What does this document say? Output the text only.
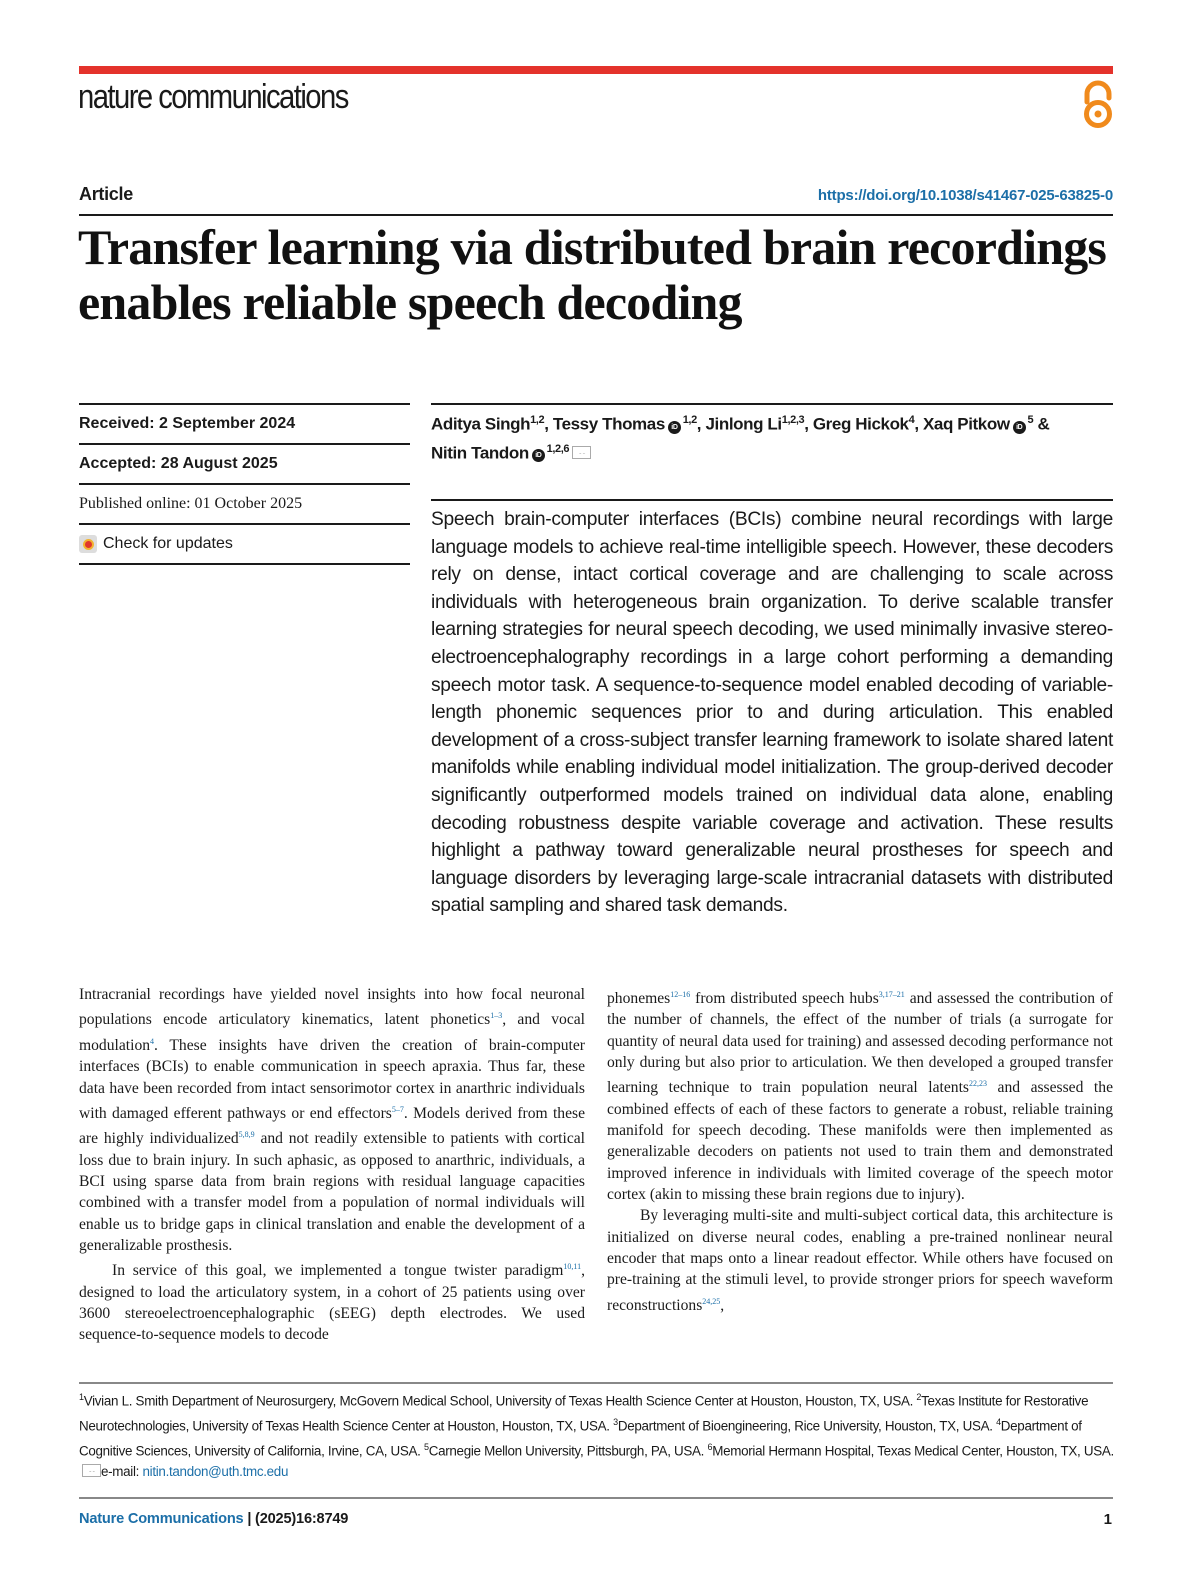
nature communications
Article	https://doi.org/10.1038/s41467-025-63825-0
Transfer learning via distributed brain recordings enables reliable speech decoding
Received: 2 September 2024
Accepted: 28 August 2025
Published online: 01 October 2025
Check for updates
Aditya Singh$^{1,2}$, Tessy Thomas iD $^{1,2}$, Jinlong Li$^{1,2,3}$, Greg Hickok$^4$, Xaq Pitkow iD $^5$ &
Nitin Tandon iD $^{1,2,6}$
Speech brain-computer interfaces (BCIs) combine neural recordings with large language models to achieve real-time intelligible speech. However, these decoders rely on dense, intact cortical coverage and are challenging to scale across individuals with heterogeneous brain organization. To derive scalable transfer learning strategies for neural speech decoding, we used minimally invasive stereo-electroencephalography recordings in a large cohort performing a demanding speech motor task. A sequence-to-sequence model enabled decoding of variable-length phonemic sequences prior to and during articulation. This enabled development of a cross-subject transfer learning framework to isolate shared latent manifolds while enabling individual model initialization. The group-derived decoder significantly outperformed models trained on individual data alone, enabling decoding robustness despite variable coverage and activation. These results highlight a pathway toward generalizable neural prostheses for speech and language disorders by leveraging large-scale intracranial datasets with distributed spatial sampling and shared task demands.

Intracranial recordings have yielded novel insights into how focal neuronal populations encode articulatory kinematics, latent phonetics$^{1-3}$, and vocal modulation$^4$. These insights have driven the creation of brain-computer interfaces (BCIs) to enable communication in speech apraxia. Thus far, these data have been recorded from intact sensorimotor cortex in anarthric individuals with damaged efferent pathways or end effectors$^{5-7}$. Models derived from these are highly individualized$^{5,8,9}$ and not readily extensible to patients with cortical loss due to brain injury. In such aphasic, as opposed to anarthric, individuals, a BCI using sparse data from brain regions with residual language capacities combined with a transfer model from a population of normal individuals will enable us to bridge gaps in clinical translation and enable the development of a generalizable prosthesis.

In service of this goal, we implemented a tongue twister paradigm$^{10,11}$, designed to load the articulatory system, in a cohort of 25 patients using over 3600 stereoelectroencephalographic (sEEG) depth electrodes. We used sequence-to-sequence models to decode

phonemes$^{12-16}$ from distributed speech hubs$^{3,17-21}$ and assessed the contribution of the number of channels, the effect of the number of trials (a surrogate for quantity of neural data used for training) and assessed decoding performance not only during but also prior to articulation. We then developed a grouped transfer learning technique to train population neural latents$^{22,23}$ and assessed the combined effects of each of these factors to generate a robust, reliable training manifold for speech decoding. These manifolds were then implemented as generalizable decoders on patients not used to train them and demonstrated improved inference in individuals with limited coverage of the speech motor cortex (akin to missing these brain regions due to injury).

By leveraging multi-site and multi-subject cortical data, this architecture is initialized on diverse neural codes, enabling a pre-trained nonlinear neural encoder that maps onto a linear readout effector. While others have focused on pre-training at the stimuli level, to provide stronger priors for speech waveform reconstructions$^{24,25}$,

$^1$Vivian L. Smith Department of Neurosurgery, McGovern Medical School, University of Texas Health Science Center at Houston, Houston, TX, USA. $^2$Texas Institute for Restorative Neurotechnologies, University of Texas Health Science Center at Houston, Houston, TX, USA. $^3$Department of Bioengineering, Rice University, Houston, TX, USA. $^4$Department of Cognitive Sciences, University of California, Irvine, CA, USA. $^5$Carnegie Mellon University, Pittsburgh, PA, USA. $^6$Memorial Hermann Hospital, Texas Medical Center, Houston, TX, USA. e-mail: nitin.tandon@uth.tmc.edu
Nature Communications | (2025)16:8749	1
